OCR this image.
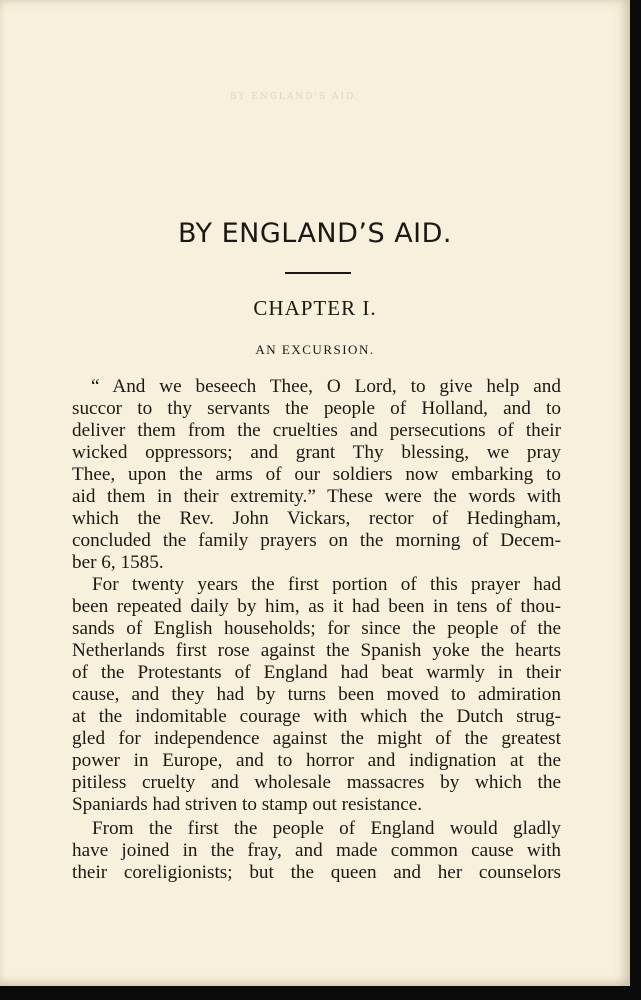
BY ENGLAND'S AID.
BY ENGLAND’S AID.
CHAPTER I.
AN EXCURSION.
“ And we beseech Thee, O Lord, to give help and
succor to thy servants the people of Holland, and to
deliver them from the cruelties and persecutions of their
wicked oppressors; and grant Thy blessing, we pray
Thee, upon the arms of our soldiers now embarking to
aid them in their extremity.” These were the words with
which the Rev. John Vickars, rector of Hedingham,
concluded the family prayers on the morning of Decem-
ber 6, 1585.
For twenty years the first portion of this prayer had
been repeated daily by him, as it had been in tens of thou-
sands of English households; for since the people of the
Netherlands first rose against the Spanish yoke the hearts
of the Protestants of England had beat warmly in their
cause, and they had by turns been moved to admiration
at the indomitable courage with which the Dutch strug-
gled for independence against the might of the greatest
power in Europe, and to horror and indignation at the
pitiless cruelty and wholesale massacres by which the
Spaniards had striven to stamp out resistance.
From the first the people of England would gladly
have joined in the fray, and made common cause with
their coreligionists; but the queen and her counselors
